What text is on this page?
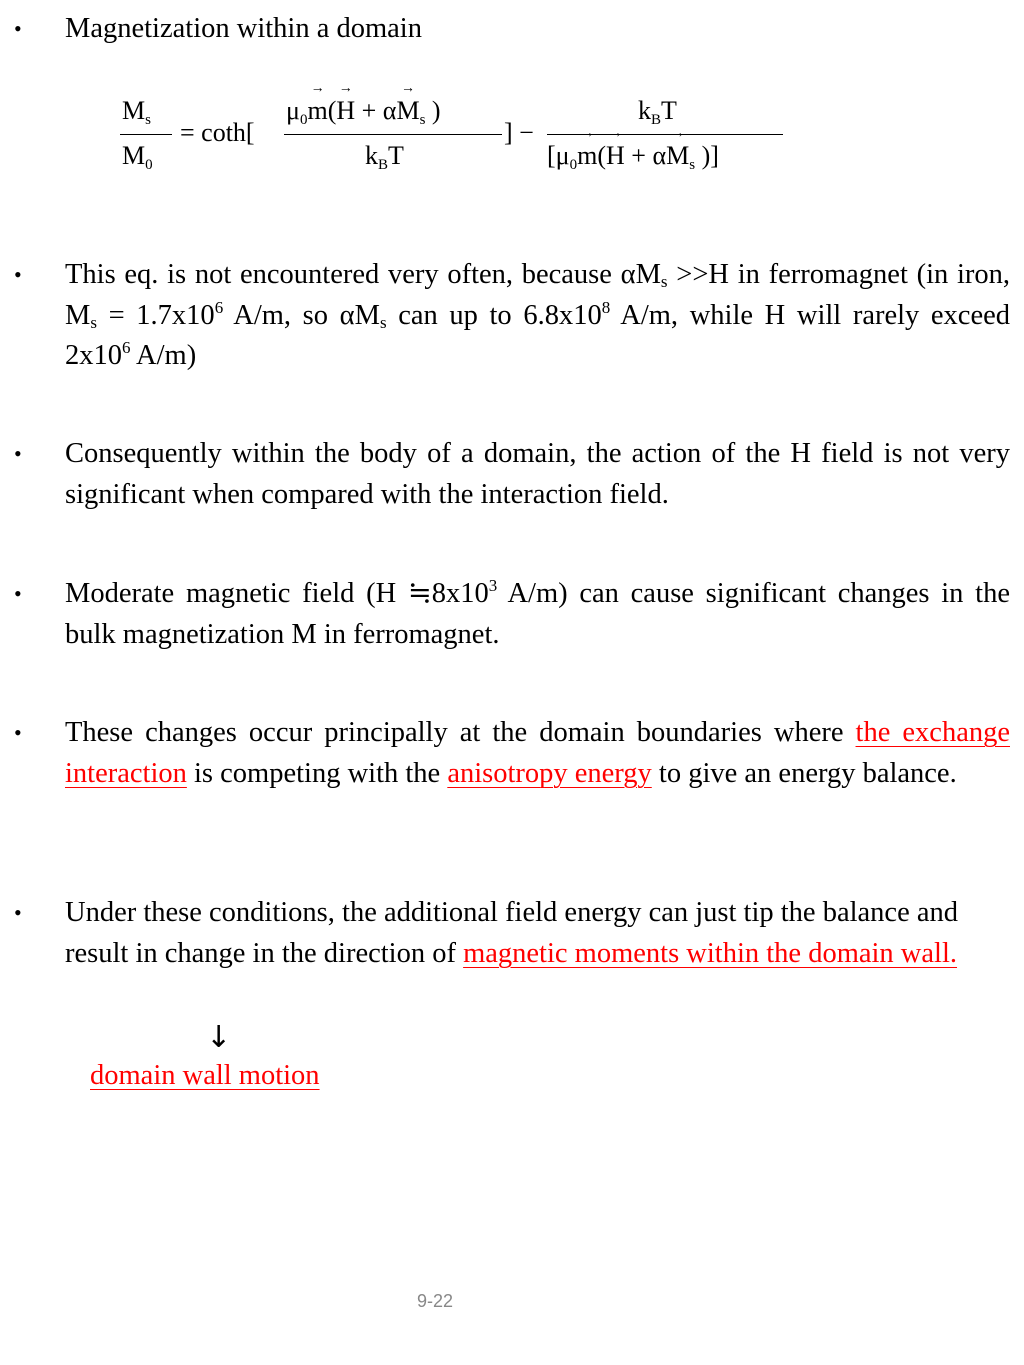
• Magnetization within a domain

$M_s$
$M_0$
= coth[
$\mu_0\to m(\to H + \alpha\to M_s$ )
$k_BT$
] −
$k_BT$
[$\mu_0\to m(\to H + \alpha\to M_s$ )]
• This eq. is not encountered very often, because $\alpha M_s >>H$ in ferromagnet (in iron, $M_s = 1.7x10^6$ A/m, so $\alpha M_s$ can up to $6.8x10^8$ A/m, while H will rarely exceed $2x10^6$ A/m)

• Consequently within the body of a domain, the action of the H field is not very significant when compared with the interaction field.

• Moderate magnetic field (H $≒8x10^3$ A/m) can cause significant changes in the bulk magnetization M in ferromagnet.

• These changes occur principally at the domain boundaries where the exchange interaction is competing with the anisotropy energy to give an energy balance.

• Under these conditions, the additional field energy can just tip the balance and result in change in the direction of magnetic moments within the domain wall.

↓
domain wall motion
9-22
